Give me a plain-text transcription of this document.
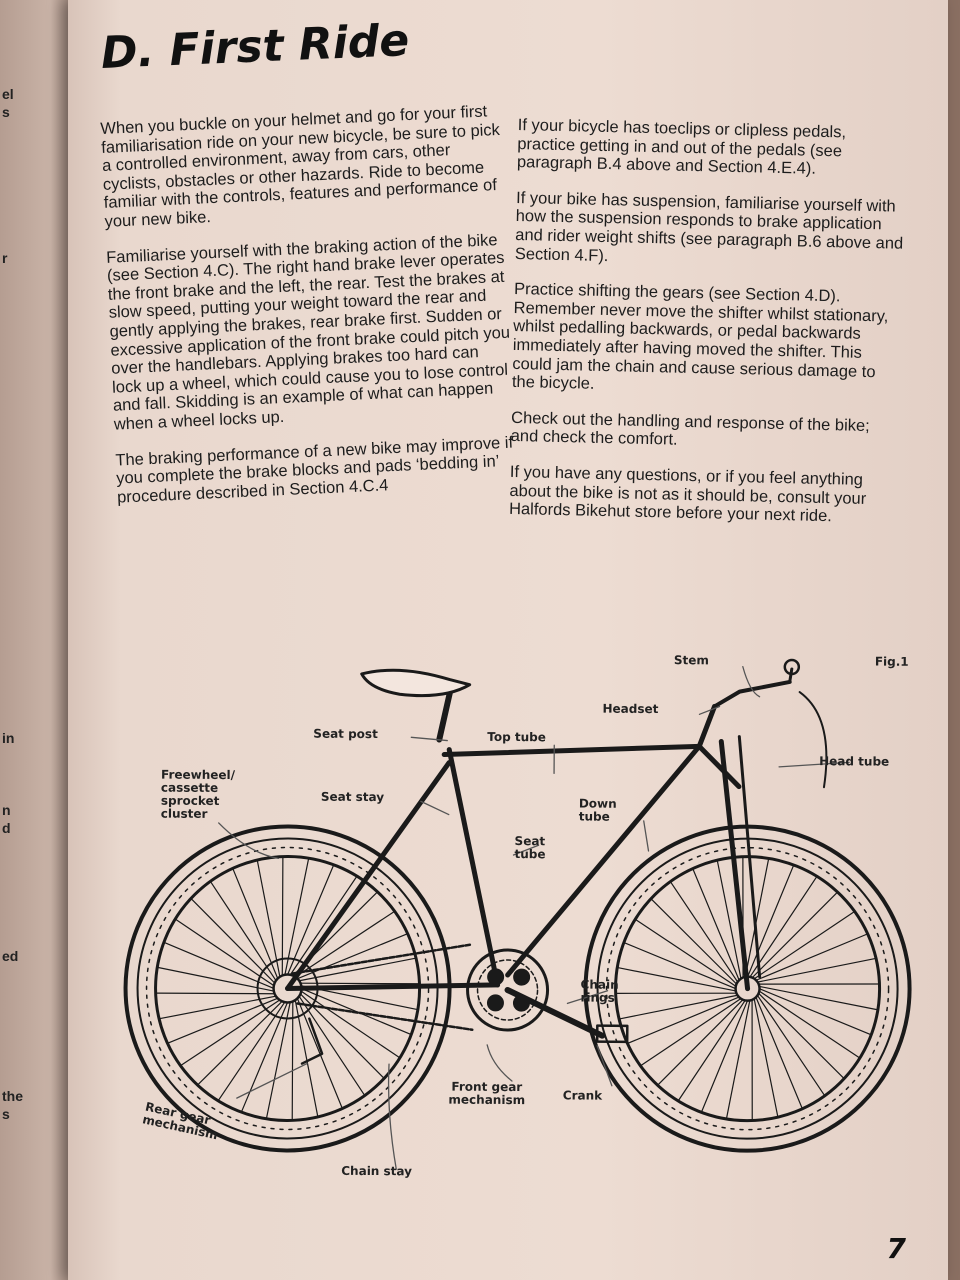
el
s
r
in
n
d
ed
the
s
D. First Ride

When you buckle on your helmet and go for your first familiarisation ride on your new bicycle, be sure to pick a controlled environment, away from cars, other cyclists, obstacles or other hazards. Ride to become familiar with the controls, features and performance of your new bike.

Familiarise yourself with the braking action of the bike (see Section 4.C). The right hand brake lever operates the front brake and the left, the rear. Test the brakes at slow speed, putting your weight toward the rear and gently applying the brakes, rear brake first. Sudden or excessive application of the front brake could pitch you over the handlebars. Applying brakes too hard can lock up a wheel, which could cause you to lose control and fall. Skidding is an example of what can happen when a wheel locks up.

The braking performance of a new bike may improve if you complete the brake blocks and pads ‘bedding in’ procedure described in Section 4.C.4

If your bicycle has toeclips or clipless pedals, practice getting in and out of the pedals (see paragraph B.4 above and Section 4.E.4).

If your bike has suspension, familiarise yourself with how the suspension responds to brake application and rider weight shifts (see paragraph B.6 above and Section 4.F).

Practice shifting the gears (see Section 4.D). Remember never move the shifter whilst stationary, whilst pedalling backwards, or pedal backwards immediately after having moved the shifter. This could jam the chain and cause serious damage to the bicycle.

Check out the handling and response of the bike; and check the comfort.

If you have any questions, or if you feel anything about the bike is not as it should be, consult your Halfords Bikehut store before your next ride.

Fig.1
Stem
Headset
Head tube
Top tube
Seat post
Seat stay
Freewheel/ cassette sprocket cluster
Down tube
Seat tube
Chain rings
Front gear mechanism	Crank
Rear gear mechanism
Chain stay
7
